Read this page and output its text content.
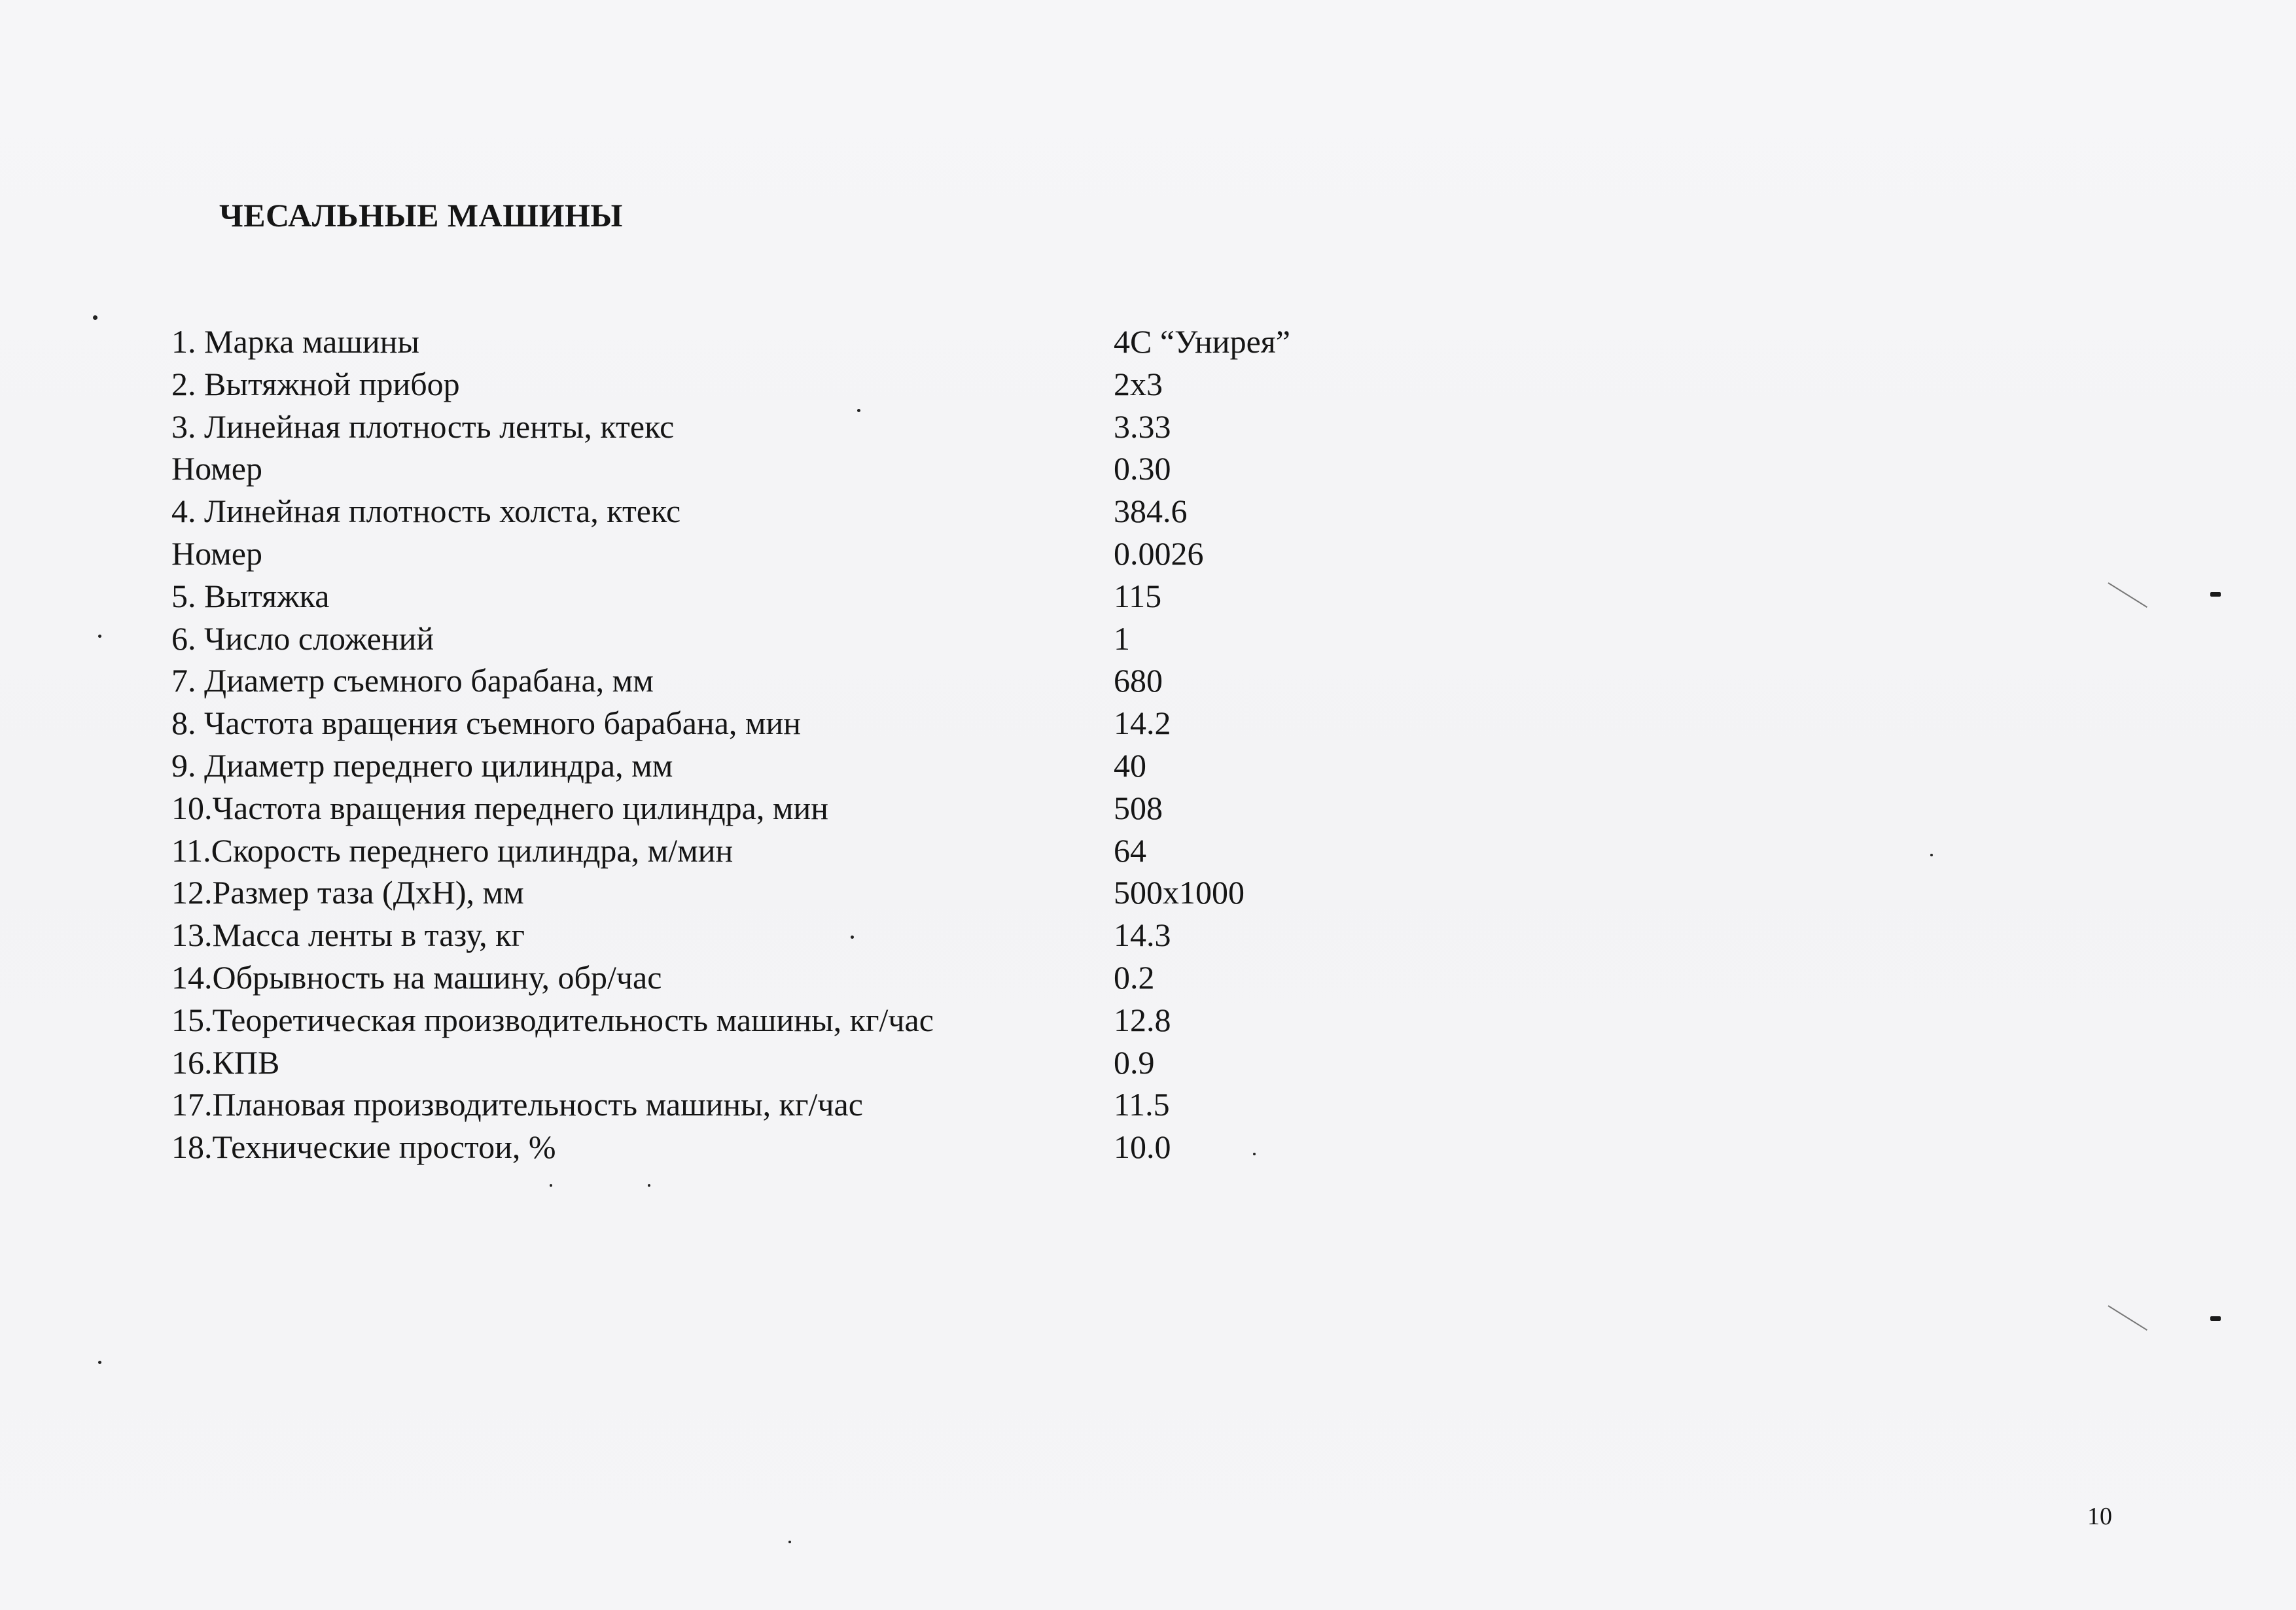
ЧЕСАЛЬНЫЕ МАШИНЫ
1. Марка машины	4С “Унирея”
2. Вытяжной прибор	2х3
3. Линейная плотность ленты, ктекс	3.33
Номер	0.30
4. Линейная плотность холста, ктекс	384.6
Номер	0.0026
5. Вытяжка	115
6. Число сложений	1
7. Диаметр съемного барабана, мм	680
8. Частота вращения съемного барабана, мин	14.2
9. Диаметр переднего цилиндра, мм	40
10.Частота вращения переднего цилиндра, мин	508
11.Скорость переднего цилиндра, м/мин	64
12.Размер таза (ДхН), мм	500х1000
13.Масса ленты в тазу, кг	14.3
14.Обрывность на машину, обр/час	0.2
15.Теоретическая производительность машины, кг/час	12.8
16.КПВ	0.9
17.Плановая производительность машины, кг/час	11.5
18.Технические простои, %	10.0
10
